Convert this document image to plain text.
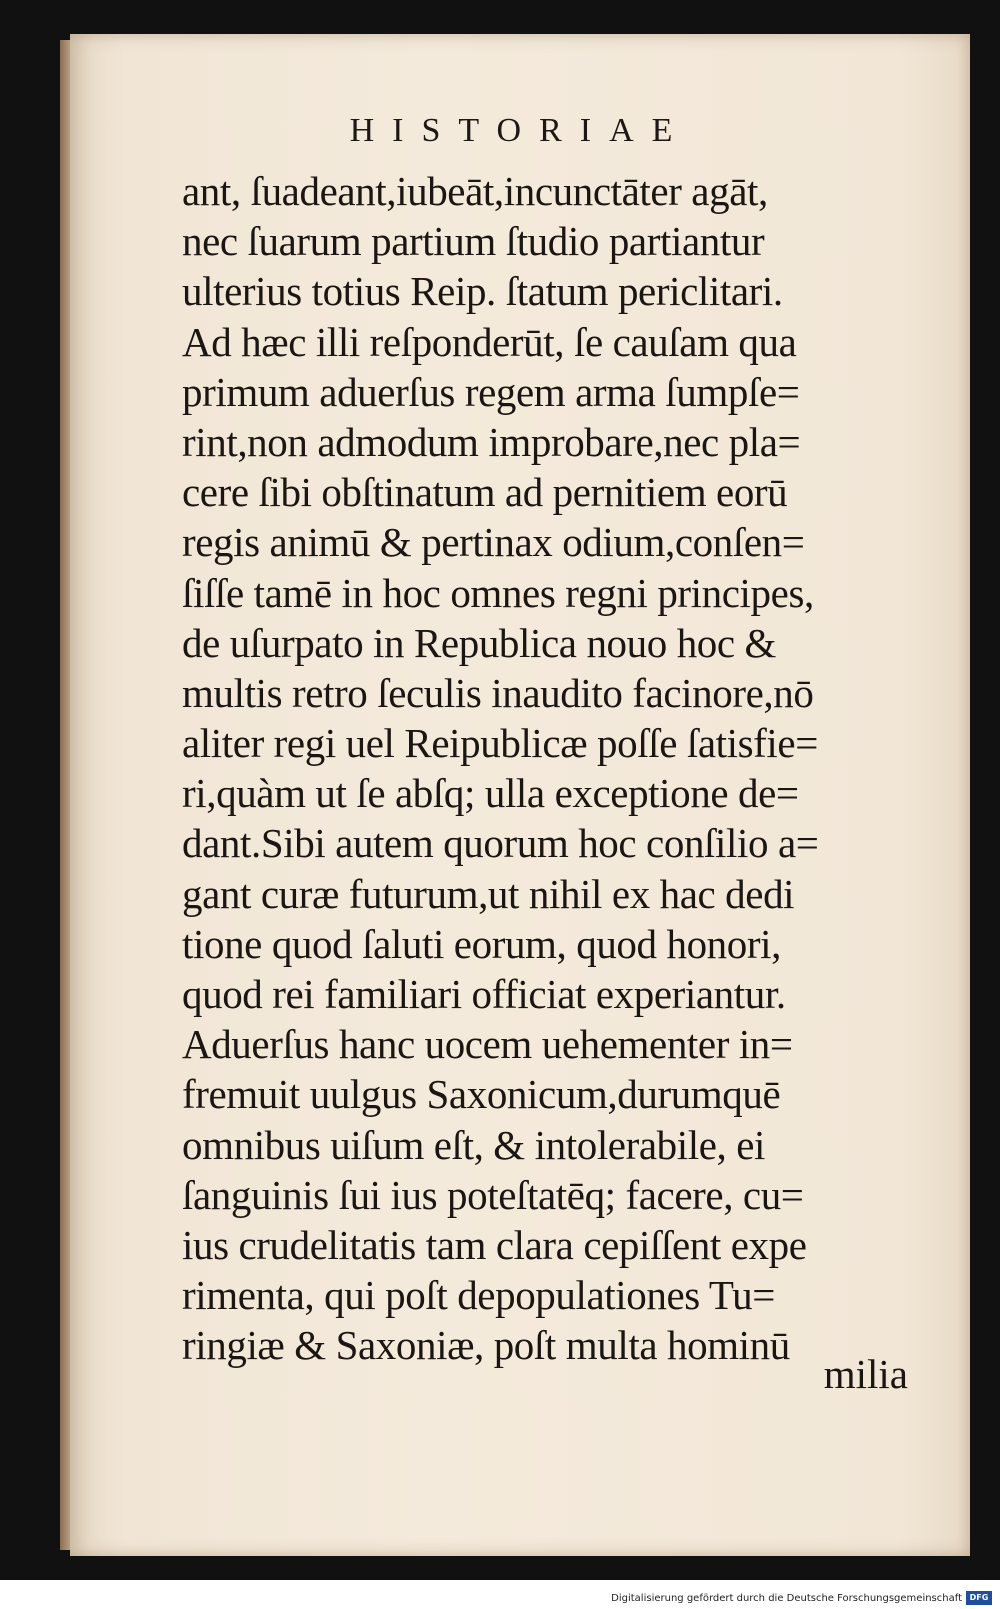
HISTORIAE
ant, ſuadeant,iubeāt,incunctāter agāt,
nec ſuarum partium ſtudio partiantur
ulterius totius Reip. ſtatum periclitari.
Ad hæc illi reſponderūt, ſe cauſam qua
primum aduerſus regem arma ſumpſe=
rint,non admodum improbare,nec pla=
cere ſibi obſtinatum ad pernitiem eorū
regis animū & pertinax odium,conſen=
ſiſſe tamē in hoc omnes regni principes,
de uſurpato in Republica nouo hoc &
multis retro ſeculis inaudito facinore,nō
aliter regi uel Reipublicæ poſſe ſatisfie=
ri,quàm ut ſe abſq; ulla exceptione de=
dant.Sibi autem quorum hoc conſilio a=
gant curæ futurum,ut nihil ex hac dedi
tione quod ſaluti eorum, quod honori,
quod rei familiari officiat experiantur.
Aduerſus hanc uocem uehementer in=
fremuit uulgus Saxonicum,durumquē
omnibus uiſum eſt, & intolerabile, ei
ſanguinis ſui ius poteſtatēq; facere, cu=
ius crudelitatis tam clara cepiſſent expe
rimenta, qui poſt depopulationes Tu=
ringiæ & Saxoniæ, poſt multa hominū
milia
Digitalisierung gefördert durch die Deutsche Forschungsgemeinschaft DFG
